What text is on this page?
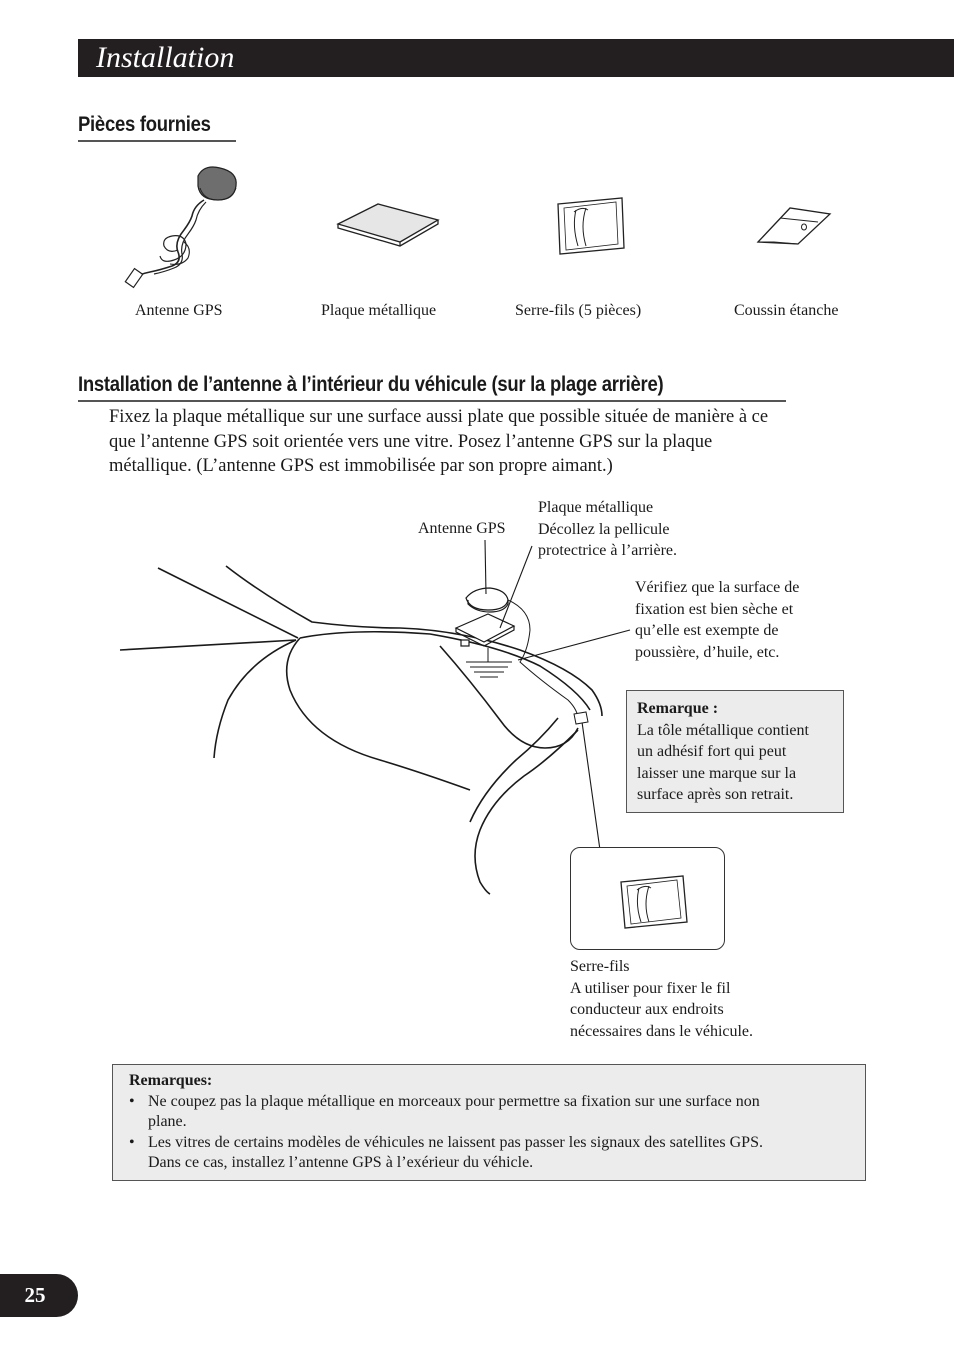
Installation
Pièces fournies
Antenne GPS	Plaque métallique	Serre-fils (5 pièces)	Coussin étanche
Installation de l’antenne à l’intérieur du véhicule (sur la plage arrière)

Fixez la plaque métallique sur une surface aussi plate que possible située de manière à ce

que l’antenne GPS soit orientée vers une vitre. Posez l’antenne GPS sur la plaque

métallique. (L’antenne GPS est immobilisée par son propre aimant.)

Antenne GPS
Plaque métallique
Décollez la pellicule
protectrice à l’arrière.
Vérifiez que la surface de
fixation est bien sèche et
qu’elle est exempte de
poussière, d’huile, etc.
Remarque :
La tôle métallique contient
un adhésif fort qui peut
laisser une marque sur la
surface après son retrait.
Serre-fils
A utiliser pour fixer le fil
conducteur aux endroits
nécessaires dans le véhicule.
Remarques:
• Ne coupez pas la plaque métallique en morceaux pour permettre sa fixation sur une surface non
plane.
• Les vitres de certains modèles de véhicules ne laissent pas passer les signaux des satellites GPS.
Dans ce cas, installez l’antenne GPS à l’exérieur du véhicle.
25
